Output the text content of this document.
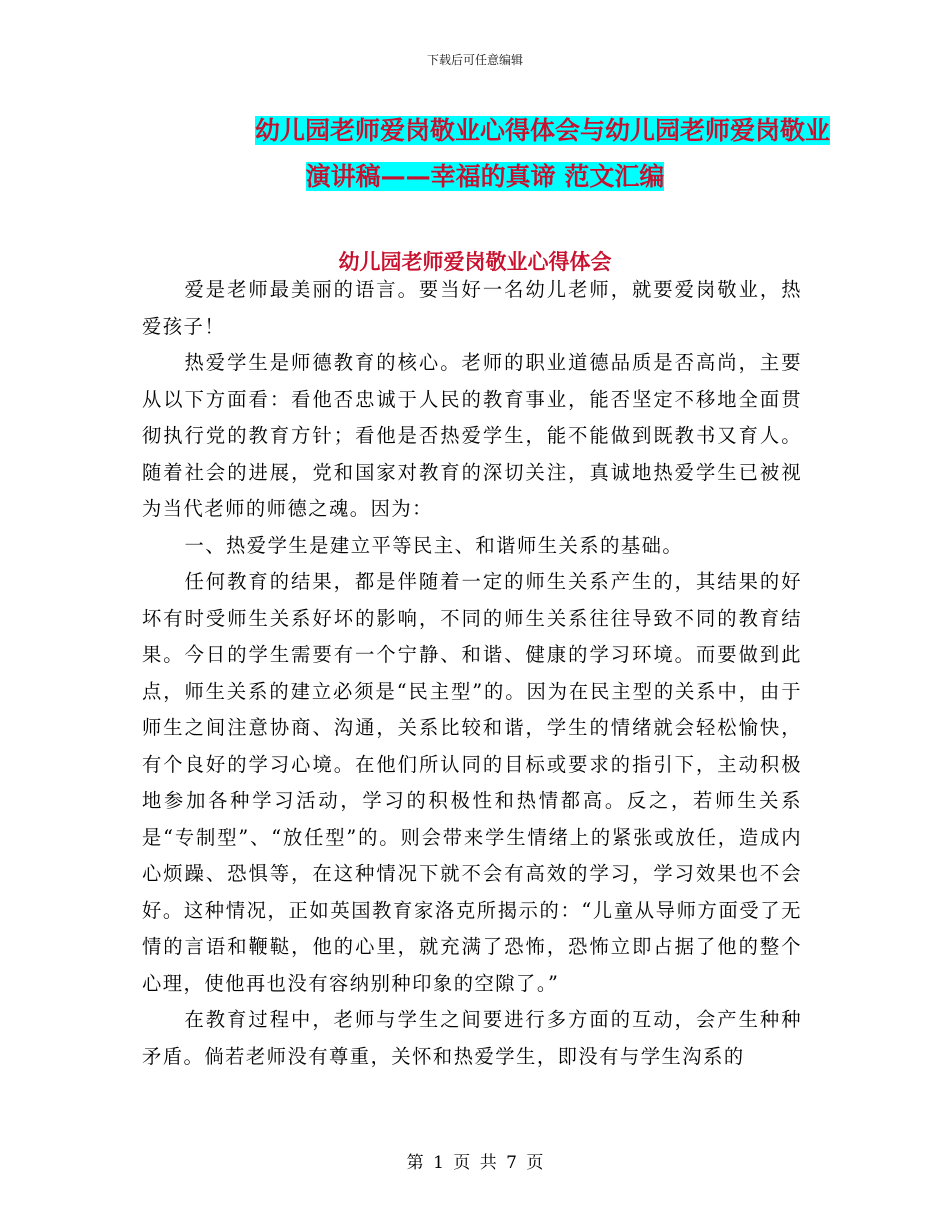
下载后可任意编辑
幼儿园老师爱岗敬业心得体会与幼儿园老师爱岗敬业
演讲稿——幸福的真谛 范文汇编
幼儿园老师爱岗敬业心得体会

爱是老师最美丽的语言。要当好一名幼儿老师，就要爱岗敬业，热爱孩子！

热爱学生是师德教育的核心。老师的职业道德品质是否高尚，主要从以下方面看：看他否忠诚于人民的教育事业，能否坚定不移地全面贯彻执行党的教育方针；看他是否热爱学生，能不能做到既教书又育人。随着社会的进展，党和国家对教育的深切关注，真诚地热爱学生已被视为当代老师的师德之魂。因为：

一、热爱学生是建立平等民主、和谐师生关系的基础。

任何教育的结果，都是伴随着一定的师生关系产生的，其结果的好坏有时受师生关系好坏的影响，不同的师生关系往往导致不同的教育结果。今日的学生需要有一个宁静、和谐、健康的学习环境。而要做到此点，师生关系的建立必须是“民主型”的。因为在民主型的关系中，由于师生之间注意协商、沟通，关系比较和谐，学生的情绪就会轻松愉快，有个良好的学习心境。在他们所认同的目标或要求的指引下，主动积极地参加各种学习活动，学习的积极性和热情都高。反之，若师生关系是“专制型”、“放任型”的。则会带来学生情绪上的紧张或放任，造成内心烦躁、恐惧等，在这种情况下就不会有高效的学习，学习效果也不会好。这种情况，正如英国教育家洛克所揭示的：“儿童从导师方面受了无情的言语和鞭鞑，他的心里，就充满了恐怖，恐怖立即占据了他的整个心理，使他再也没有容纳别种印象的空隙了。”

在教育过程中，老师与学生之间要进行多方面的互动，会产生种种矛盾。倘若老师没有尊重，关怀和热爱学生，即没有与学生沟系的

第 1 页 共 7 页
